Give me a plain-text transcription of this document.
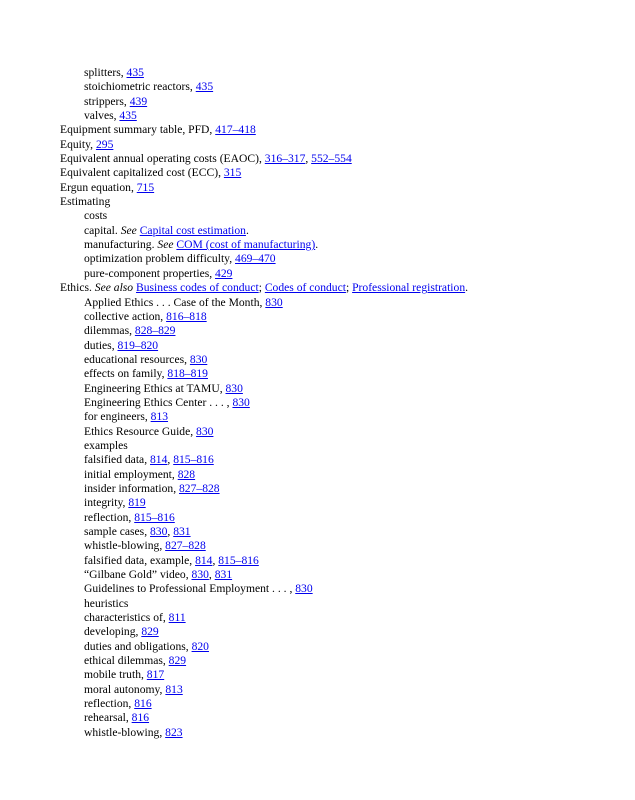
splitters, 435
stoichiometric reactors, 435
strippers, 439
valves, 435
Equipment summary table, PFD, 417–418
Equity, 295
Equivalent annual operating costs (EAOC), 316–317, 552–554
Equivalent capitalized cost (ECC), 315
Ergun equation, 715
Estimating
costs
capital. See Capital cost estimation.
manufacturing. See COM (cost of manufacturing).
optimization problem difficulty, 469–470
pure-component properties, 429
Ethics. See also Business codes of conduct; Codes of conduct; Professional registration.
Applied Ethics . . . Case of the Month, 830
collective action, 816–818
dilemmas, 828–829
duties, 819–820
educational resources, 830
effects on family, 818–819
Engineering Ethics at TAMU, 830
Engineering Ethics Center . . . , 830
for engineers, 813
Ethics Resource Guide, 830
examples
falsified data, 814, 815–816
initial employment, 828
insider information, 827–828
integrity, 819
reflection, 815–816
sample cases, 830, 831
whistle-blowing, 827–828
falsified data, example, 814, 815–816
“Gilbane Gold” video, 830, 831
Guidelines to Professional Employment . . . , 830
heuristics
characteristics of, 811
developing, 829
duties and obligations, 820
ethical dilemmas, 829
mobile truth, 817
moral autonomy, 813
reflection, 816
rehearsal, 816
whistle-blowing, 823
